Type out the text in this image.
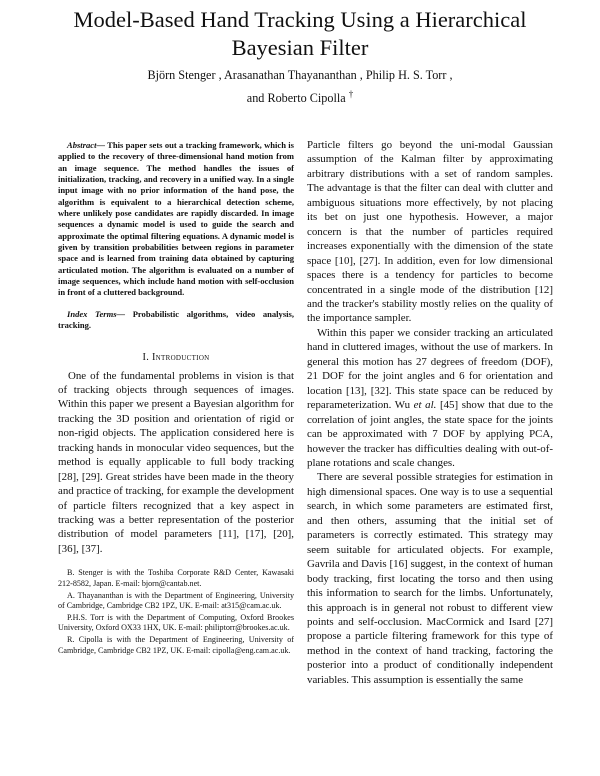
Model-Based Hand Tracking Using a Hierarchical
Bayesian Filter
Björn Stenger , Arasanathan Thayananthan , Philip H. S. Torr ,
and Roberto Cipolla †

Abstract— This paper sets out a tracking framework, which is applied to the recovery of three-dimensional hand motion from an image sequence. The method handles the issues of initialization, tracking, and recovery in a unified way. In a single input image with no prior information of the hand pose, the algorithm is equivalent to a hierarchical detection scheme, where unlikely pose candidates are rapidly discarded. In image sequences a dynamic model is used to guide the search and approximate the optimal filtering equations. A dynamic model is given by transition probabilities between regions in parameter space and is learned from training data obtained by capturing articulated motion. The algorithm is evaluated on a number of image sequences, which include hand motion with self-occlusion in front of a cluttered background.

Index Terms— Probabilistic algorithms, video analysis, tracking.

I. Introduction

One of the fundamental problems in vision is that of tracking objects through sequences of images. Within this paper we present a Bayesian algorithm for tracking the 3D position and orientation of rigid or non-rigid objects. The application considered here is tracking hands in monocular video sequences, but the method is equally applicable to full body tracking [28], [29]. Great strides have been made in the theory and practice of tracking, for example the development of particle filters recognized that a key aspect in tracking was a better representation of the posterior distribution of model parameters [11], [17], [20], [36], [37].

B. Stenger is with the Toshiba Corporate R&D Center, Kawasaki 212-8582, Japan. E-mail: bjorn@cantab.net.

A. Thayananthan is with the Department of Engineering, University of Cambridge, Cambridge CB2 1PZ, UK. E-mail: at315@cam.ac.uk.

P.H.S. Torr is with the Department of Computing, Oxford Brookes University, Oxford OX33 1HX, UK. E-mail: philiptorr@brookes.ac.uk.

R. Cipolla is with the Department of Engineering, University of Cambridge, Cambridge CB2 1PZ, UK. E-mail: cipolla@eng.cam.ac.uk.

Particle filters go beyond the uni-modal Gaussian assumption of the Kalman filter by approximating arbitrary distributions with a set of random samples. The advantage is that the filter can deal with clutter and ambiguous situations more effectively, by not placing its bet on just one hypothesis. However, a major concern is that the number of particles required increases exponentially with the dimension of the state space [10], [27]. In addition, even for low dimensional spaces there is a tendency for particles to become concentrated in a single mode of the distribution [12] and the tracker's stability mostly relies on the quality of the importance sampler.

Within this paper we consider tracking an articulated hand in cluttered images, without the use of markers. In general this motion has 27 degrees of freedom (DOF), 21 DOF for the joint angles and 6 for orientation and location [13], [32]. This state space can be reduced by reparameterization. Wu et al. [45] show that due to the correlation of joint angles, the state space for the joints can be approximated with 7 DOF by applying PCA, however the tracker has difficulties dealing with out-of-plane rotations and scale changes.

There are several possible strategies for estimation in high dimensional spaces. One way is to use a sequential search, in which some parameters are estimated first, and then others, assuming that the initial set of parameters is correctly estimated. This strategy may seem suitable for articulated objects. For example, Gavrila and Davis [16] suggest, in the context of human body tracking, first locating the torso and then using this information to search for the limbs. Unfortunately, this approach is in general not robust to different view points and self-occlusion. MacCormick and Isard [27] propose a particle filtering framework for this type of method in the context of hand tracking, factoring the posterior into a product of conditionally independent variables. This assumption is essentially the same
